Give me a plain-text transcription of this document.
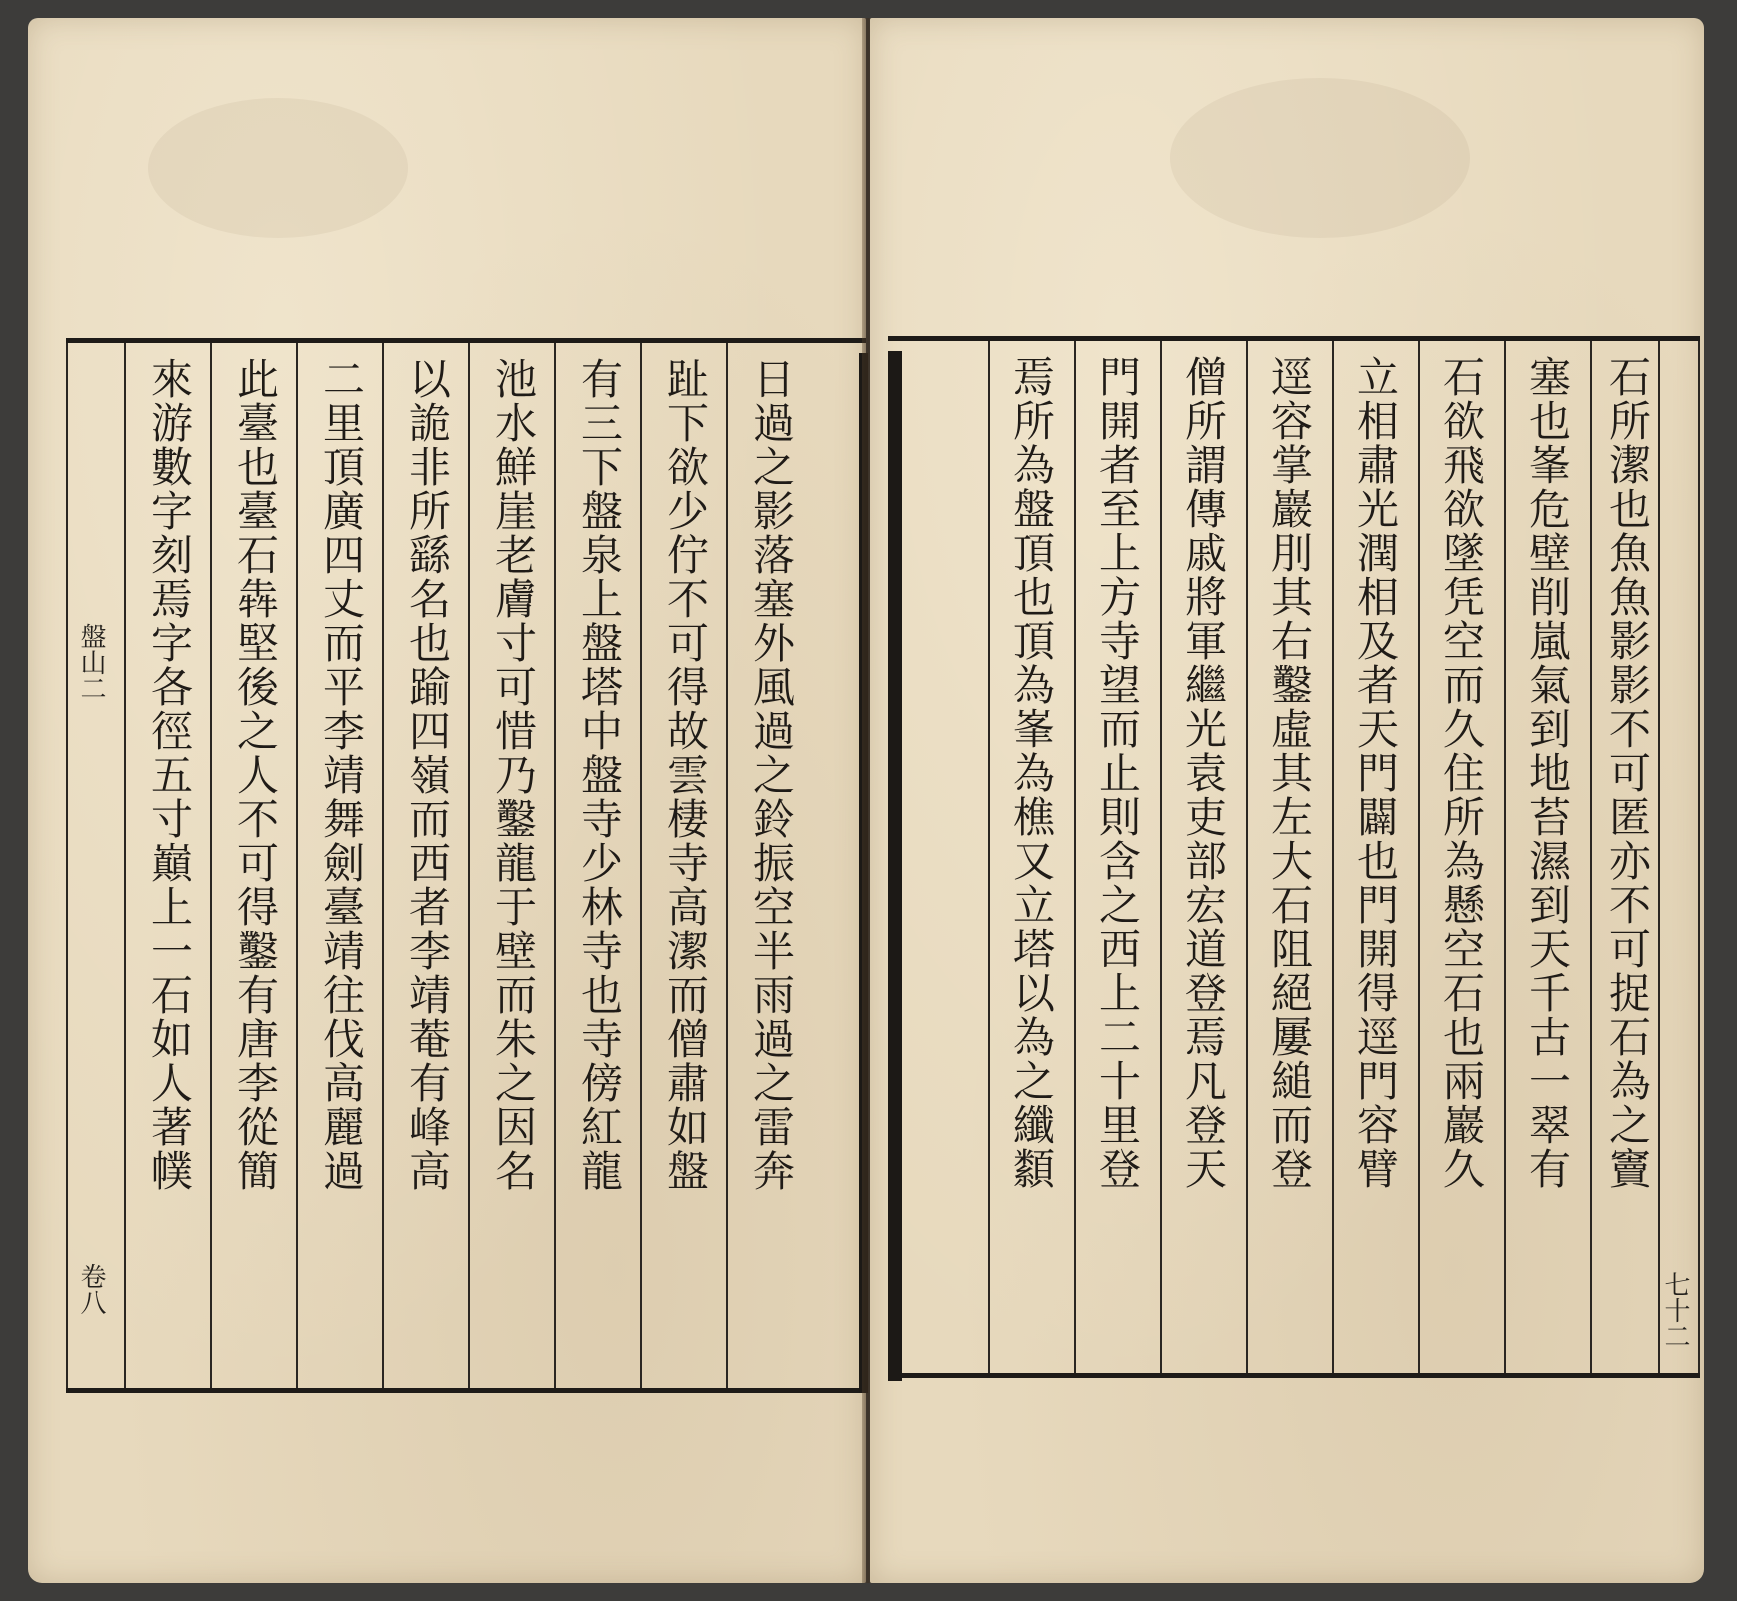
盤山二
卷八
日過之影落塞外風過之鈴振空半雨過之雷奔
趾下欲少佇不可得故雲棲寺高潔而僧肅如盤
有三下盤泉上盤塔中盤寺少林寺也寺傍紅龍
池水鮮崖老膚寸可惜乃鑿龍于壁而朱之因名
以詭非所繇名也踰四嶺而西者李靖菴有峰高
二里頂廣四丈而平李靖舞劍臺靖往伐高麗過
此臺也臺石犇堅後之人不可得鑿有唐李從簡
來游數字刻焉字各徑五寸巔上一石如人著幞
七十二
石所潔也魚魚影影不可匿亦不可捉石為之竇
塞也峯危壁削嵐氣到地苔濕到天千古一翠有
石欲飛欲墜凭空而久住所為懸空石也兩巖久
立相肅光潤相及者天門闢也門開得逕門容臂
逕容掌巖刖其右鑿虛其左大石阻絕屢縋而登
僧所謂傳戚將軍繼光袁吏部宏道登焉凡登天
門開者至上方寺望而止則含之西上二十里登
焉所為盤頂也頂為峯為樵又立塔以為之纖纇
